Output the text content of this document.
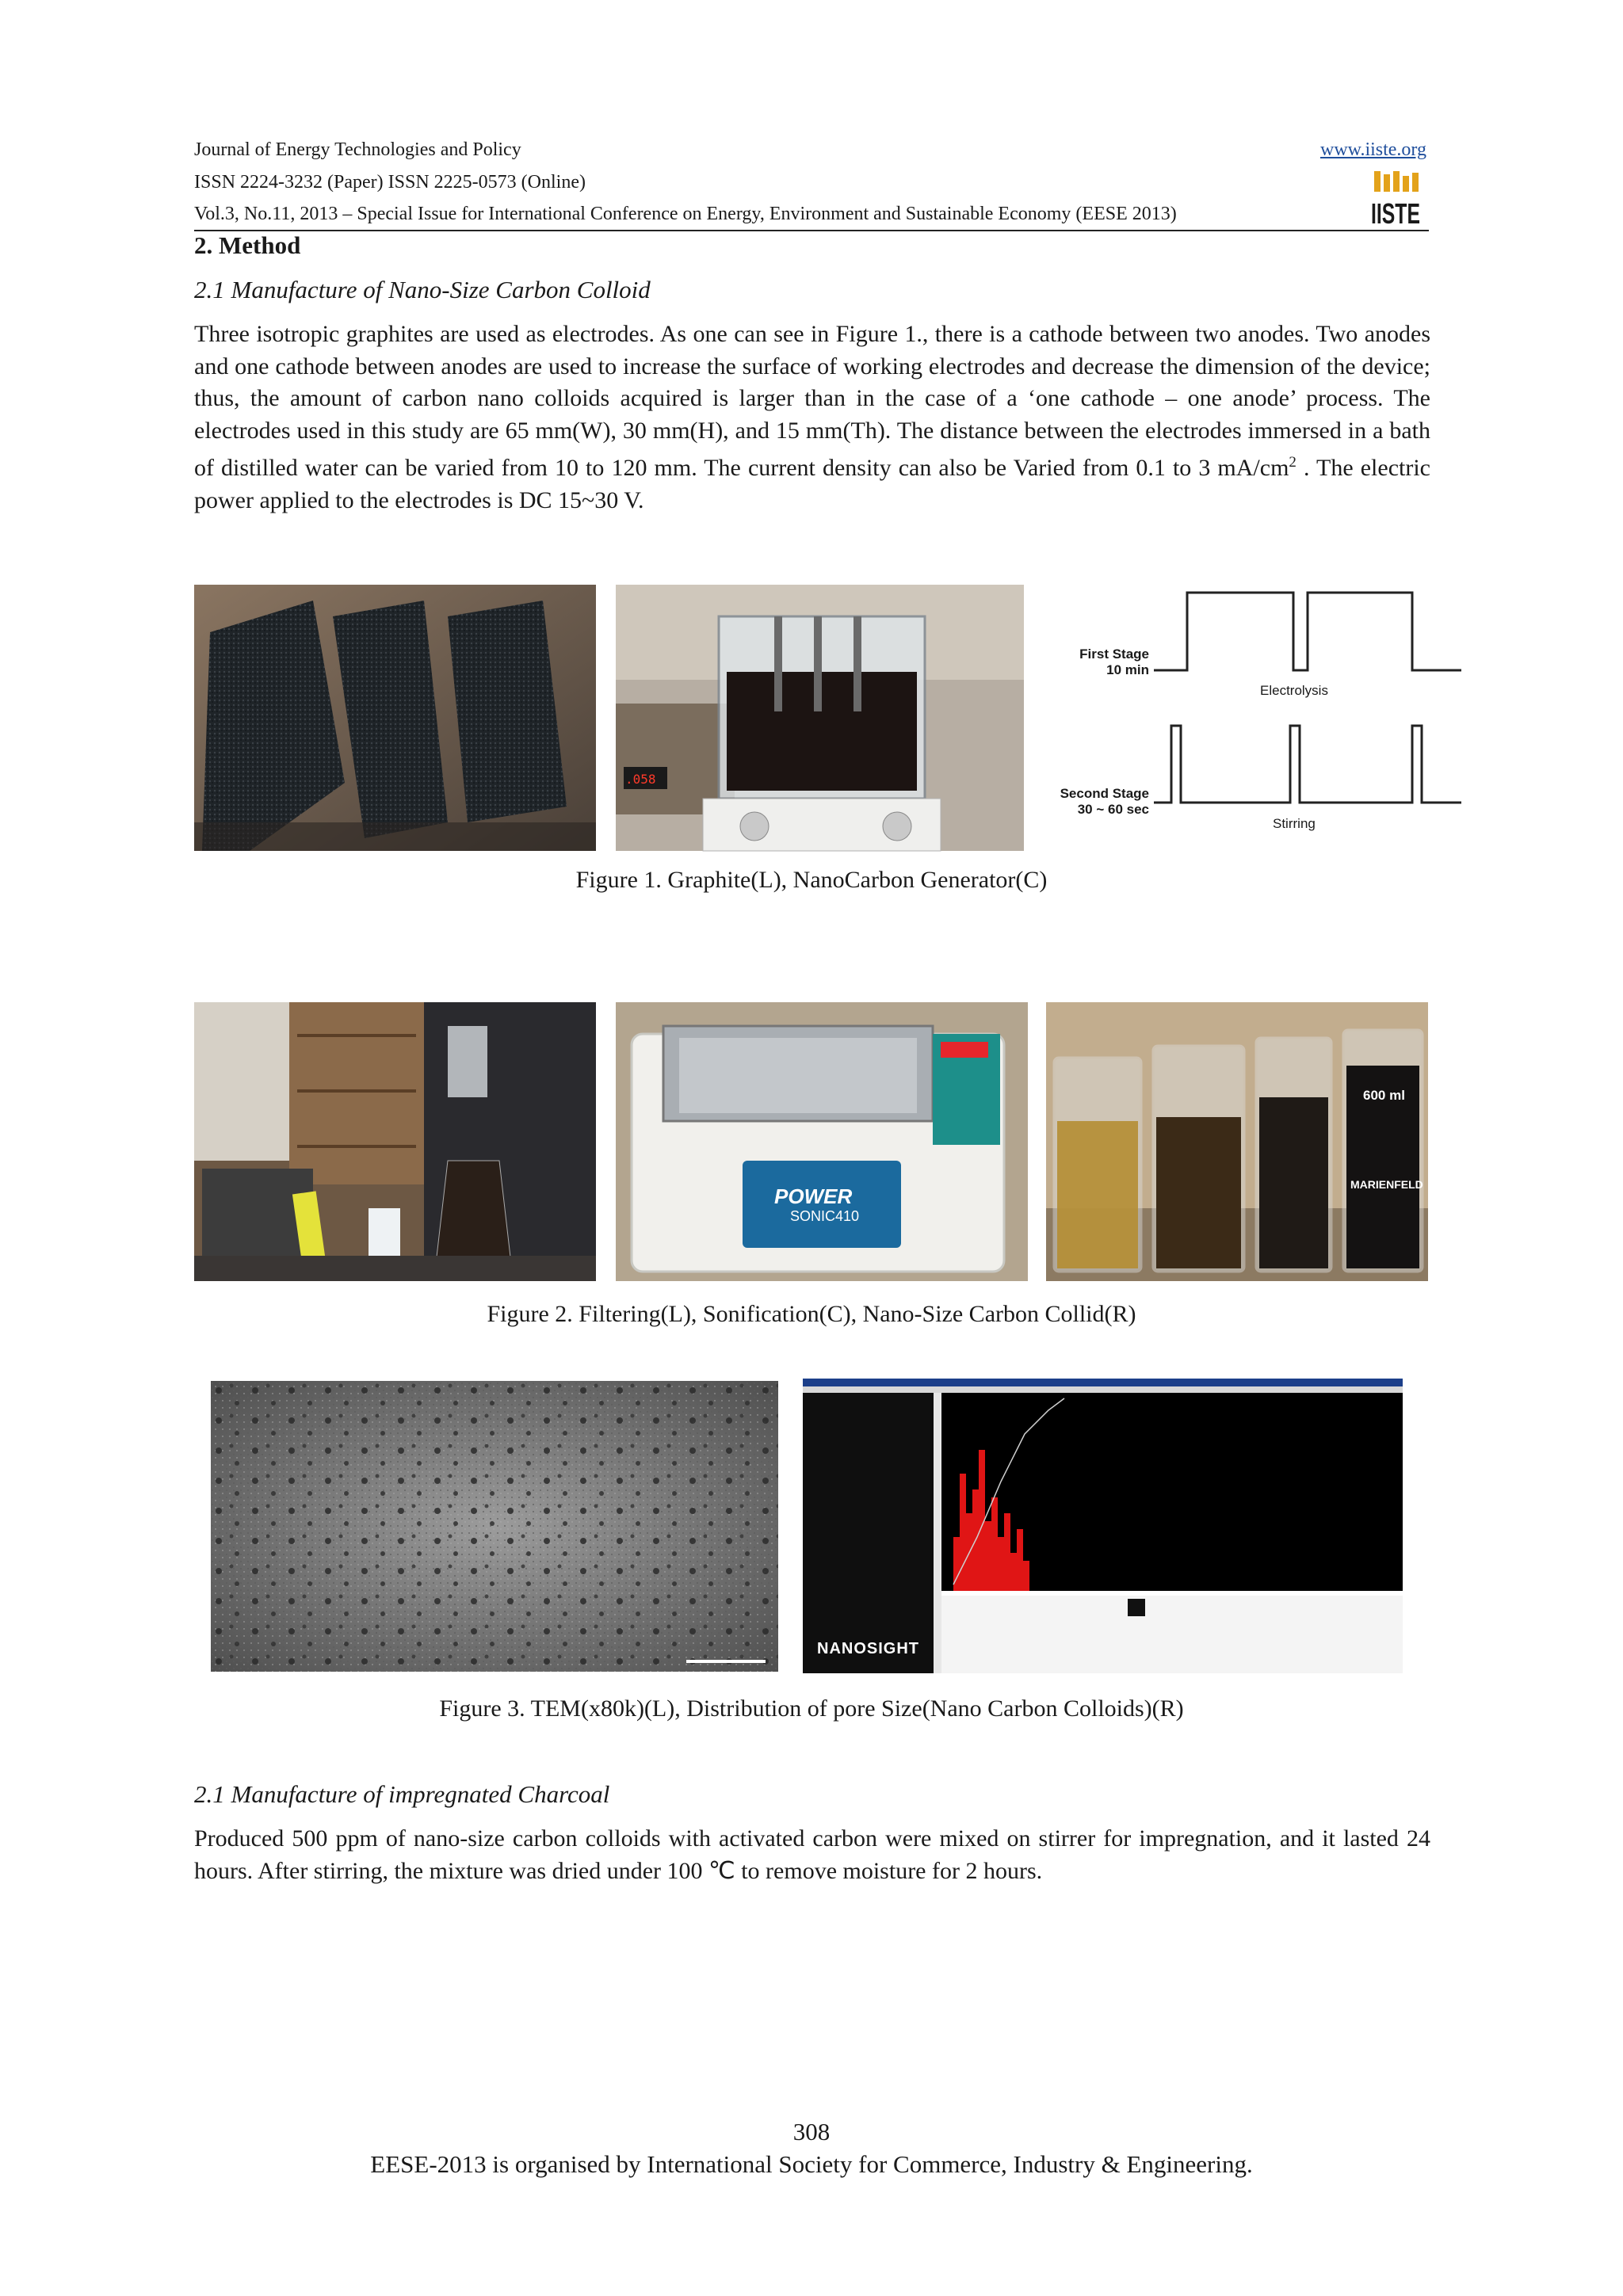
Journal of Energy Technologies and Policy	www.iiste.org
ISSN 2224-3232 (Paper) ISSN 2225-0573 (Online)
Vol.3, No.11, 2013 – Special Issue for International Conference on Energy, Environment and Sustainable Economy (EESE 2013)	IISTE
2. Method
2.1 Manufacture of Nano-Size Carbon Colloid

Three isotropic graphites are used as electrodes. As one can see in Figure 1., there is a cathode between two anodes. Two anodes and one cathode between anodes are used to increase the surface of working electrodes and decrease the dimension of the device; thus, the amount of carbon nano colloids acquired is larger than in the case of a ‘one cathode – one anode’ process. The electrodes used in this study are 65 mm(W), 30 mm(H), and 15 mm(Th). The distance between the electrodes immersed in a bath of distilled water can be varied from 10 to 120 mm. The current density can also be Varied from 0.1 to 3 $mA/cm^2$ . The electric power applied to the electrodes is DC 15~30 V.

.058
First Stage
10 min
Electrolysis
Second Stage
30 ~ 60 sec
Stirring
Figure 1. Graphite(L), NanoCarbon Generator(C)
POWER
SONIC410
600 ml
MARIENFELD
Figure 2. Filtering(L), Sonification(C), Nano-Size Carbon Collid(R)
NANOSIGHT
Figure 3. TEM(x80k)(L), Distribution of pore Size(Nano Carbon Colloids)(R)
2.1 Manufacture of impregnated Charcoal

Produced 500 ppm of nano-size carbon colloids with activated carbon were mixed on stirrer for impregnation, and it lasted 24 hours. After stirring, the mixture was dried under 100 ℃ to remove moisture for 2 hours.

308
EESE-2013 is organised by International Society for Commerce, Industry & Engineering.
